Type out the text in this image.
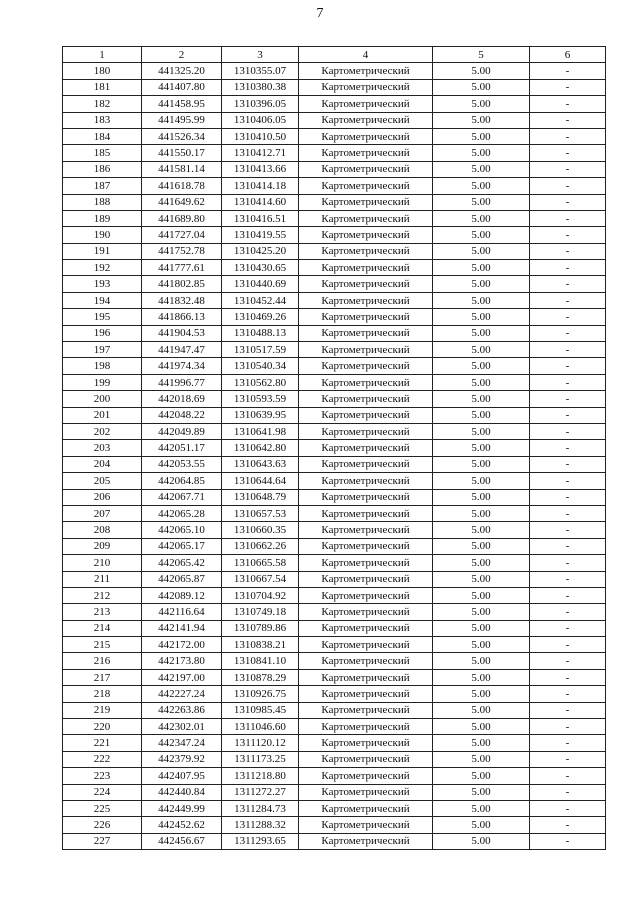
7
1	2	3	4	5	6
180	441325.20	1310355.07	Картометрический	5.00	-
181	441407.80	1310380.38	Картометрический	5.00	-
182	441458.95	1310396.05	Картометрический	5.00	-
183	441495.99	1310406.05	Картометрический	5.00	-
184	441526.34	1310410.50	Картометрический	5.00	-
185	441550.17	1310412.71	Картометрический	5.00	-
186	441581.14	1310413.66	Картометрический	5.00	-
187	441618.78	1310414.18	Картометрический	5.00	-
188	441649.62	1310414.60	Картометрический	5.00	-
189	441689.80	1310416.51	Картометрический	5.00	-
190	441727.04	1310419.55	Картометрический	5.00	-
191	441752.78	1310425.20	Картометрический	5.00	-
192	441777.61	1310430.65	Картометрический	5.00	-
193	441802.85	1310440.69	Картометрический	5.00	-
194	441832.48	1310452.44	Картометрический	5.00	-
195	441866.13	1310469.26	Картометрический	5.00	-
196	441904.53	1310488.13	Картометрический	5.00	-
197	441947.47	1310517.59	Картометрический	5.00	-
198	441974.34	1310540.34	Картометрический	5.00	-
199	441996.77	1310562.80	Картометрический	5.00	-
200	442018.69	1310593.59	Картометрический	5.00	-
201	442048.22	1310639.95	Картометрический	5.00	-
202	442049.89	1310641.98	Картометрический	5.00	-
203	442051.17	1310642.80	Картометрический	5.00	-
204	442053.55	1310643.63	Картометрический	5.00	-
205	442064.85	1310644.64	Картометрический	5.00	-
206	442067.71	1310648.79	Картометрический	5.00	-
207	442065.28	1310657.53	Картометрический	5.00	-
208	442065.10	1310660.35	Картометрический	5.00	-
209	442065.17	1310662.26	Картометрический	5.00	-
210	442065.42	1310665.58	Картометрический	5.00	-
211	442065.87	1310667.54	Картометрический	5.00	-
212	442089.12	1310704.92	Картометрический	5.00	-
213	442116.64	1310749.18	Картометрический	5.00	-
214	442141.94	1310789.86	Картометрический	5.00	-
215	442172.00	1310838.21	Картометрический	5.00	-
216	442173.80	1310841.10	Картометрический	5.00	-
217	442197.00	1310878.29	Картометрический	5.00	-
218	442227.24	1310926.75	Картометрический	5.00	-
219	442263.86	1310985.45	Картометрический	5.00	-
220	442302.01	1311046.60	Картометрический	5.00	-
221	442347.24	1311120.12	Картометрический	5.00	-
222	442379.92	1311173.25	Картометрический	5.00	-
223	442407.95	1311218.80	Картометрический	5.00	-
224	442440.84	1311272.27	Картометрический	5.00	-
225	442449.99	1311284.73	Картометрический	5.00	-
226	442452.62	1311288.32	Картометрический	5.00	-
227	442456.67	1311293.65	Картометрический	5.00	-
